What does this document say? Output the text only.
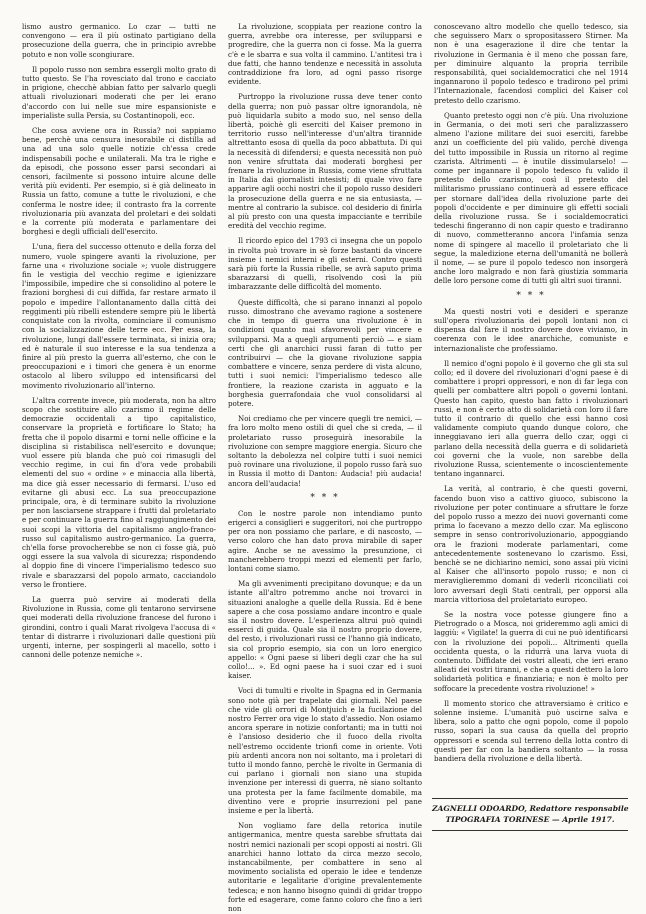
lismo austro germanico. Lo czar — tutti ne convengono — era il più ostinato partigiano della prosecuzione della guerra, che in principio avrebbe potuto e non volle scongiurare.

Il popolo russo non sembra essergli molto grato di tutto questo. Se l'ha rovesciato dal trono e cacciato in prigione, checchè abbian fatto per salvarlo quegli attuali rivoluzionari moderati che per lei erano d'accordo con lui nelle sue mire espansioniste e imperialiste sulla Persia, su Costantinopoli, ecc.

Che cosa avviene ora in Russia? noi sappiamo bene, perchè una censura inesorabile ci distilla ad una ad una solo quelle notizie ch'essa crede indispensabili poche e unilaterali. Ma tra le righe e da episodi, che possono esser parsi secondari ai censori, facilmente si possono intuire alcune delle verità più evidenti. Per esempio, si è già delineato in Russia un fatto, comune a tutte le rivoluzioni, e che conferma le nostre idee; il contrasto fra la corrente rivoluzionaria più avanzata del proletari e dei soldati e la corrente più moderata e parlamentare dei borghesi e degli ufficiali dell'esercito.

L'una, fiera del successo ottenuto e della forza del numero, vuole spingere avanti la rivoluzione, per farne una « rivoluzione sociale »; vuole distruggere fin le vestigia del vecchio regime e igienizzare l'impossibile, impedire che si consolidino al potere le frazioni borghesi di cui diffida, far restare armato il popolo e impedire l'allontanamento dalla città dei reggimenti più ribelli estendere sempre più le libertà conquistate con la rivolta, cominciare il comunismo con la socializzazione delle terre ecc. Per essa, la rivoluzione, lungi dall'essere terminata, si inizia ora; ed è naturale il suo interesse e la sua tendenza a finire al più presto la guerra all'esterno, che con le preoccupazioni e i timori che genera è un enorme ostacolo al libero sviluppo ed intensificarsi del movimento rivoluzionario all'interno.

L'altra corrente invece, più moderata, non ha altro scopo che sostituire allo czarismo il regime delle democrazie occidentali a tipo capitalistico, conservare la proprietà e fortificare lo Stato; ha fretta che il popolo disarmi e torni nelle officine e la disciplina si ristabilisca nell'esercito e dovunque; vuol essere più blanda che può coi rimasugli del vecchio regime, in cui fin d'ora vede probabili elementi del suo « ordine » e minaccia alla libertà, ma dice già esser necessario di fermarsi. L'uso ed evitarne gli abusi ecc. La sua preoccupazione principale, ora, è di terminare subito la rivoluzione per non lasciarsene strappare i frutti dal proletariato e per continuare la guerra fino al raggiungimento dei suoi scopi la vittoria del capitalismo anglo-franco-russo sul capitalismo austro-germanico. La guerra, ch'ella forse provocherebbe se non ci fosse già, può oggi essere la sua valvola di sicurezza; rispondendo al doppio fine di vincere l'imperialismo tedesco suo rivale e sbarazzarsi del popolo armato, cacciandolo verso le frontiere.

La guerra può servire ai moderati della Rivoluzione in Russia, come gli tentarono servirsene quei moderati della rivoluzione francese del furono i girondini, contro i quali Marat rivolgeva l'accusa di « tentar di distrarre i rivoluzionari dalle questioni più urgenti, interne, per sospingerli al macello, sotto i cannoni delle potenze nemiche ».

La rivoluzione, scoppiata per reazione contro la guerra, avrebbe ora interesse, per svilupparsi e progredire, che la guerra non ci fosse. Ma la guerra c'è e le sbarra e sua volta il cammino. L'antitesi tra i due fatti, che hanno tendenze e necessità in assoluta contraddizione fra loro, ad ogni passo risorge evidente.

Purtroppo la rivoluzione russa deve tener conto della guerra; non può passar oltre ignorandola, nè può liquidarla subito a modo suo, nel senso della libertà, poichè gli eserciti del Kaiser premono in territorio russo nell'interesse d'un'altra tirannide altrettanto esosa di quella da poco abbattuta. Di qui la necessità di difendersi; e questa necessità non può non venire sfruttata dai moderati borghesi per frenare la rivoluzione in Russia, come viene sfruttata in Italia dai giornalisti intesisti; di quale vivo fare apparire agli occhi nostri che il popolo russo desideri la prosecuzione della guerra e ne sia entusiasta, — mentre al contrario la subisce. col desiderio di finirla al più presto con una questa impacciante e terribile eredità del vecchio regime.

Il ricordo epico del 1793 ci insegna che un popolo in rivolta può trovare in sè forze bastanti da vincere insieme i nemici interni e gli esterni. Contro questi sarà più forte la Russia ribelle, se avrà saputo prima sbarazzarsi di quelli, risolvendo così la più imbarazzante delle difficoltà del momento.

Queste difficoltà, che si parano innanzi al popolo russo. dimostrano che avevamo ragione a sostenere che in tempo di guerra una rivoluzione è in condizioni quanto mai sfavorevoli per vincere e svilupparsi. Ma a quegli argumenti perciò — e siam certi che gli anarchici russi faran di tutto per contribuirvi — che la giovane rivoluzione sappia combattere e vincere, senza perdere di vista alcuno, tutti i suoi nemici: l'imperialismo tedesco alle frontiere, la reazione czarista in agguato e la borghesia guerrafondaia che vuol consolidarsi al potere.

Noi crediamo che per vincere quegli tre nemici, — fra loro molto meno ostili di quel che si creda, — il proletariato russo proseguirà inesorabile la rivoluzione con sempre maggiore energia. Sicuro che soltanto la debolezza nel colpire tutti i suoi nemici può rovinare una rivoluzione, il popolo russo farà suo in Russia il motto di Danton: Audacia! più audacia! ancora dell'audacia!

* * *

Con le nostre parole non intendiamo punto erigerci a consiglieri e suggeritori, noi che purtroppo per ora non possiamo che parlare, e di nascosto, — verso coloro che han dato prova mirabile di saper agire. Anche se ne avessimo la presunzione, ci mancherebbero troppi mezzi ed elementi per farlo, lontani come siamo.

Ma gli avvenimenti precipitano dovunque; e da un istante all'altro potremmo anche noi trovarci in situazioni analoghe a quelle della Russia. Ed è bene sapere a che cosa possiamo andare incontro e quale sia il nostro dovere. L'esperienza altrui può quindi esserci di guida. Quale sia il nostro proprio dovere, del resto, i rivoluzionari russi ce l'hanno già indicato, sia col proprio esempio, sia con un loro energico appello: « Ogni paese si liberi degli czar che ha sul collo!... ». Ed ogni paese ha i suoi czar ed i suoi kaiser.

Voci di tumulti e rivolte in Spagna ed in Germania sono note già per trapelate dai giornali. Nel paese che vide gli orrori di Montjuich e la fucilazione del nostro Ferrer ora vige lo stato d'assedio. Non osiamo ancora sperare in notizie confortanti; ma in tutti noi è l'ansioso desiderio che il fuoco della rivolta nell'estremo occidente trionfi come in oriente. Voti più ardenti ancora non noi soltanto, ma i proletari di tutto il mondo fanno, perchè le rivolte in Germania di cui parlano i giornali non siano una stupida invenzione per interessi di guerra, nè siano soltanto una protesta per la fame facilmente domabile, ma diventino vere e proprie insurrezioni pel pane insieme e per la libertà.

Non vogliamo fare della retorica inutile antigermanica, mentre questa sarebbe sfruttata dai nostri nemici nazionali per scopi opposti ai nostri. Gli anarchici hanno lottato da circa mezzo secolo, instancabilmente, per combattere in seno al movimento socialista ed operaio le idee e tendenze autoritarie e legalitarie d'origine prevalentemente tedesca; e non hanno bisogno quindi di gridar troppo forte ed esagerare, come fanno coloro che fino a ieri non

conoscevano altro modello che quello tedesco, sia che seguissero Marx o spropositassero Stirner. Ma non è una esagerazione il dire che tentar la rivoluzione in Germania è il meno che possan fare, per diminuire alquanto la propria terribile responsabilità, quei socialdemocratici che nel 1914 ingannarono il popolo tedesco e tradirono pel primi l'Internazionale, facendosi complici del Kaiser col pretesto dello czarismo.

Quanto pretesto oggi non c'è più. Una rivoluzione in Germania, o dei moti seri che paralizzassero almeno l'azione militare dei suoi eserciti, farebbe anzi un coefficiente del più valido, perchè divenga del tutto impossibile in Russia un ritorno al regime czarista. Altrimenti — è inutile dissimularselo! — come per ingannare il popolo tedesco fu valido il pretesto dello czarismo, così il pretesto del militarismo prussiano continuerà ad essere efficace per stornare dall'idea della rivoluzione parte dei popoli d'occidente e per diminuire gli effetti sociali della rivoluzione russa. Se i socialdemocratici tedeschi fingeranno di non capir questo e tradiranno di nuovo, commetteranno ancora l'infamia senza nome di spingere al macello il proletariato che li segue, la maledizione eterna dell'umanità ne bollerà il nome, — se pure il popolo tedesco non insorgerà anche loro malgrado e non farà giustizia sommaria delle loro persone come di tutti gli altri suoi tiranni.

* * *

Ma questi nostri voti e desideri e speranze sull'opera rivoluzionaria dei popoli lontani non ci dispensa dal fare il nostro dovere dove viviamo, in coerenza con le idee anarchiche, comuniste e internazionaliste che professiamo.

Il nemico d'ogni popolo è il governo che gli sta sul collo; ed il dovere del rivoluzionari d'ogni paese è di combattere i propri oppressori, e non di far lega con quelli per combattere altri popoli o governi lontani. Questo han capito, questo han fatto i rivoluzionari russi, e non è certo atto di solidarietà con loro il fare tutto il contrario di quello che essi hanno così validamente compiuto quando dunque coloro, che inneggiavano ieri alla guerra dello czar, oggi ci parlano della necessità della guerra e di solidarietà coi governi che la vuole, non sarebbe della rivoluzione Russa, scientemente o incoscientemente tentano ingannarci.

La verità, al contrario, è che questi governi, facendo buon viso a cattivo giuoco, subiscono la rivoluzione per poter continuare a sfruttare le forze del popolo russo a mezzo dei nuovi governanti come prima lo facevano a mezzo dello czar. Ma egliscono sempre in senso controrivoluzionario, appoggiando ora le frazioni moderate parlamentari, come antecedentemente sostenevano lo czarismo. Essi, benchè se ne dichiarino nemici, sono assai più vicini al Kaiser che all'insorto popolo russo; e non ci meraviglieremmo domani di vederli riconciliati coi loro avversari degli Stati centrali, per opporsi alla marcia vittoriosa del proletariato europeo.

Se la nostra voce potesse giungere fino a Pietrogrado o a Mosca, noi grideremmo agli amici di laggiù: « Vigilate! la guerra di cui ne può identificarsi con la rivoluzione dei popoli... Altrimenti quella occidenta questa, o la ridurrà una larva vuota di contenuto. Diffidate dei vostri alleati, che ieri erano alleati dei vostri tiranni, e che a questi dettero la loro solidarietà politica e finanziaria; e non è molto per soffocare la precedente vostra rivoluzione! »

Il momento storico che attraversiamo è critico e solenne insieme. L'umanità può uscirne salva e libera, solo a patto che ogni popolo, come il popolo russo, sopari la sua causa da quella del proprio oppressori e scenda sul terreno della lotta contro di questi per far con la bandiera soltanto — la rossa bandiera della rivoluzione e della libertà.

ZAGNELLI ODOARDO, Redattore responsabile
TIPOGRAFIA TORINESE — Aprile 1917.
